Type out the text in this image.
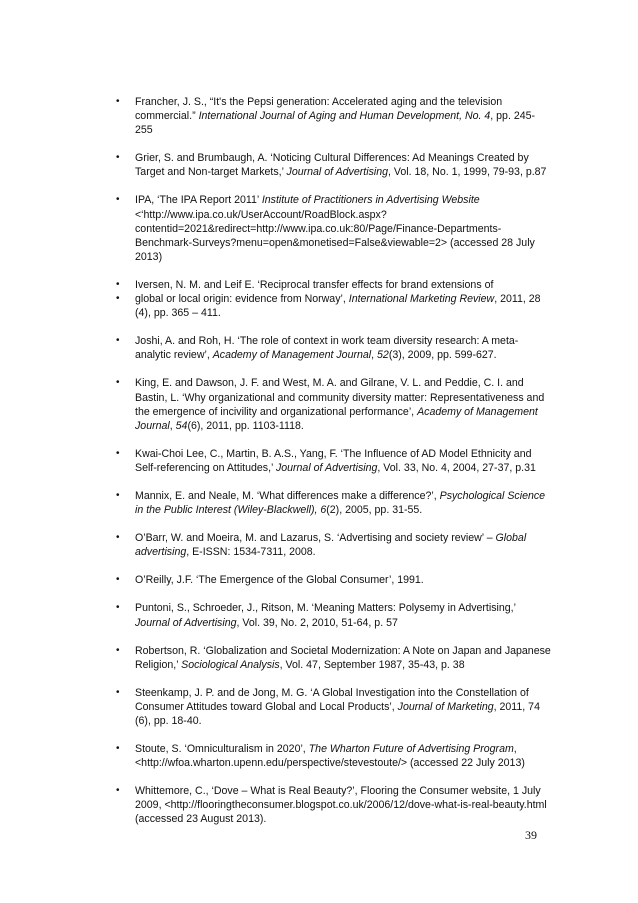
• Francher, J. S., “It's the Pepsi generation: Accelerated aging and the television commercial.” International Journal of Aging and Human Development, No. 4, pp. 245-255
• Grier, S. and Brumbaugh, A. ‘Noticing Cultural Differences: Ad Meanings Created by Target and Non-target Markets,’ Journal of Advertising, Vol. 18, No. 1, 1999, 79-93, p.87
• IPA, ‘The IPA Report 2011’ Institute of Practitioners in Advertising Website <‘http://www.ipa.co.uk/UserAccount/RoadBlock.aspx?contentid=2021&redirect=http://www.ipa.co.uk:80/Page/Finance-Departments-Benchmark-Surveys?menu=open&monetised=False&viewable=2> (accessed 28 July 2013)
• Iversen, N. M. and Leif E. ‘Reciprocal transfer effects for brand extensions of
• global or local origin: evidence from Norway’, International Marketing Review, 2011, 28 (4), pp. 365 – 411.
• Joshi, A. and Roh, H. ‘The role of context in work team diversity research: A meta-analytic review’, Academy of Management Journal, 52(3), 2009, pp. 599-627.
• King, E. and Dawson, J. F. and West, M. A. and Gilrane, V. L. and Peddie, C. I. and Bastin, L. ‘Why organizational and community diversity matter: Representativeness and the emergence of incivility and organizational performance’, Academy of Management Journal, 54(6), 2011, pp. 1103-1118.
• Kwai-Choi Lee, C., Martin, B. A.S., Yang, F. ‘The Influence of AD Model Ethnicity and Self-referencing on Attitudes,’ Journal of Advertising, Vol. 33, No. 4, 2004, 27-37, p.31
• Mannix, E. and Neale, M. ‘What differences make a difference?’, Psychological Science in the Public Interest (Wiley-Blackwell), 6(2), 2005, pp. 31-55.
• O’Barr, W. and Moeira, M. and Lazarus, S. ‘Advertising and society review’ – Global advertising, E-ISSN: 1534-7311, 2008.
• O’Reilly, J.F. ‘The Emergence of the Global Consumer’, 1991.
• Puntoni, S., Schroeder, J., Ritson, M. ‘Meaning Matters: Polysemy in Advertising,’ Journal of Advertising, Vol. 39, No. 2, 2010, 51-64, p. 57
• Robertson, R. ‘Globalization and Societal Modernization: A Note on Japan and Japanese Religion,’ Sociological Analysis, Vol. 47, September 1987, 35-43, p. 38
• Steenkamp, J. P. and de Jong, M. G. ‘A Global Investigation into the Constellation of Consumer Attitudes toward Global and Local Products’, Journal of Marketing, 2011, 74 (6), pp. 18-40.
• Stoute, S. ‘Omniculturalism in 2020’, The Wharton Future of Advertising Program, <http://wfoa.wharton.upenn.edu/perspective/stevestoute/> (accessed 22 July 2013)
• Whittemore, C., ‘Dove – What is Real Beauty?’, Flooring the Consumer website, 1 July 2009, <http://flooringtheconsumer.blogspot.co.uk/2006/12/dove-what-is-real-beauty.html (accessed 23 August 2013).
39
